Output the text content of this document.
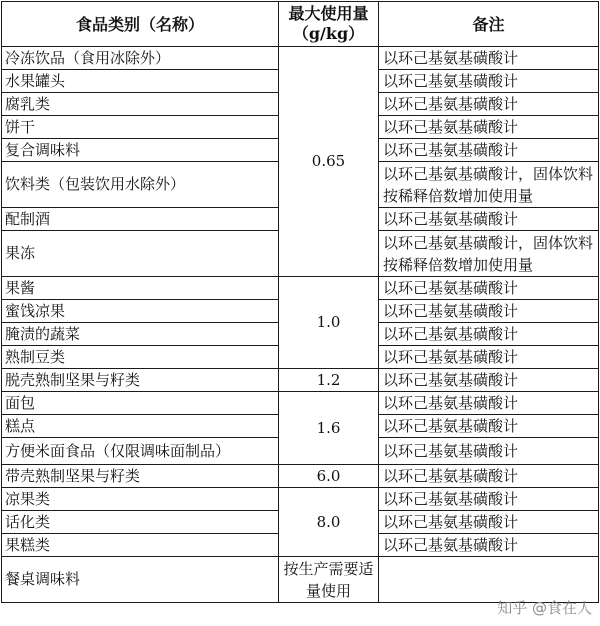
食品类别（名称）	最大使用量（g/kg）	备注
冷冻饮品（食用冰除外）	0.65	以环己基氨基磺酸计
水果罐头		以环己基氨基磺酸计
腐乳类		以环己基氨基磺酸计
饼干		以环己基氨基磺酸计
复合调味料		以环己基氨基磺酸计
饮料类（包装饮用水除外）		以环己基氨基磺酸计，固体饮料按稀释倍数增加使用量
配制酒		以环己基氨基磺酸计
果冻		以环己基氨基磺酸计，固体饮料按稀释倍数增加使用量
果酱	1.0	以环己基氨基磺酸计
蜜饯凉果		以环己基氨基磺酸计
腌渍的蔬菜		以环己基氨基磺酸计
熟制豆类		以环己基氨基磺酸计
脱壳熟制坚果与籽类	1.2	以环己基氨基磺酸计
面包	1.6	以环己基氨基磺酸计
糕点		以环己基氨基磺酸计
方便米面食品（仅限调味面制品）		以环己基氨基磺酸计
带壳熟制坚果与籽类	6.0	以环己基氨基磺酸计
凉果类	8.0	以环己基氨基磺酸计
话化类		以环己基氨基磺酸计
果糕类		以环己基氨基磺酸计
餐桌调味料	按生产需要适量使用	
知乎 @食在人
